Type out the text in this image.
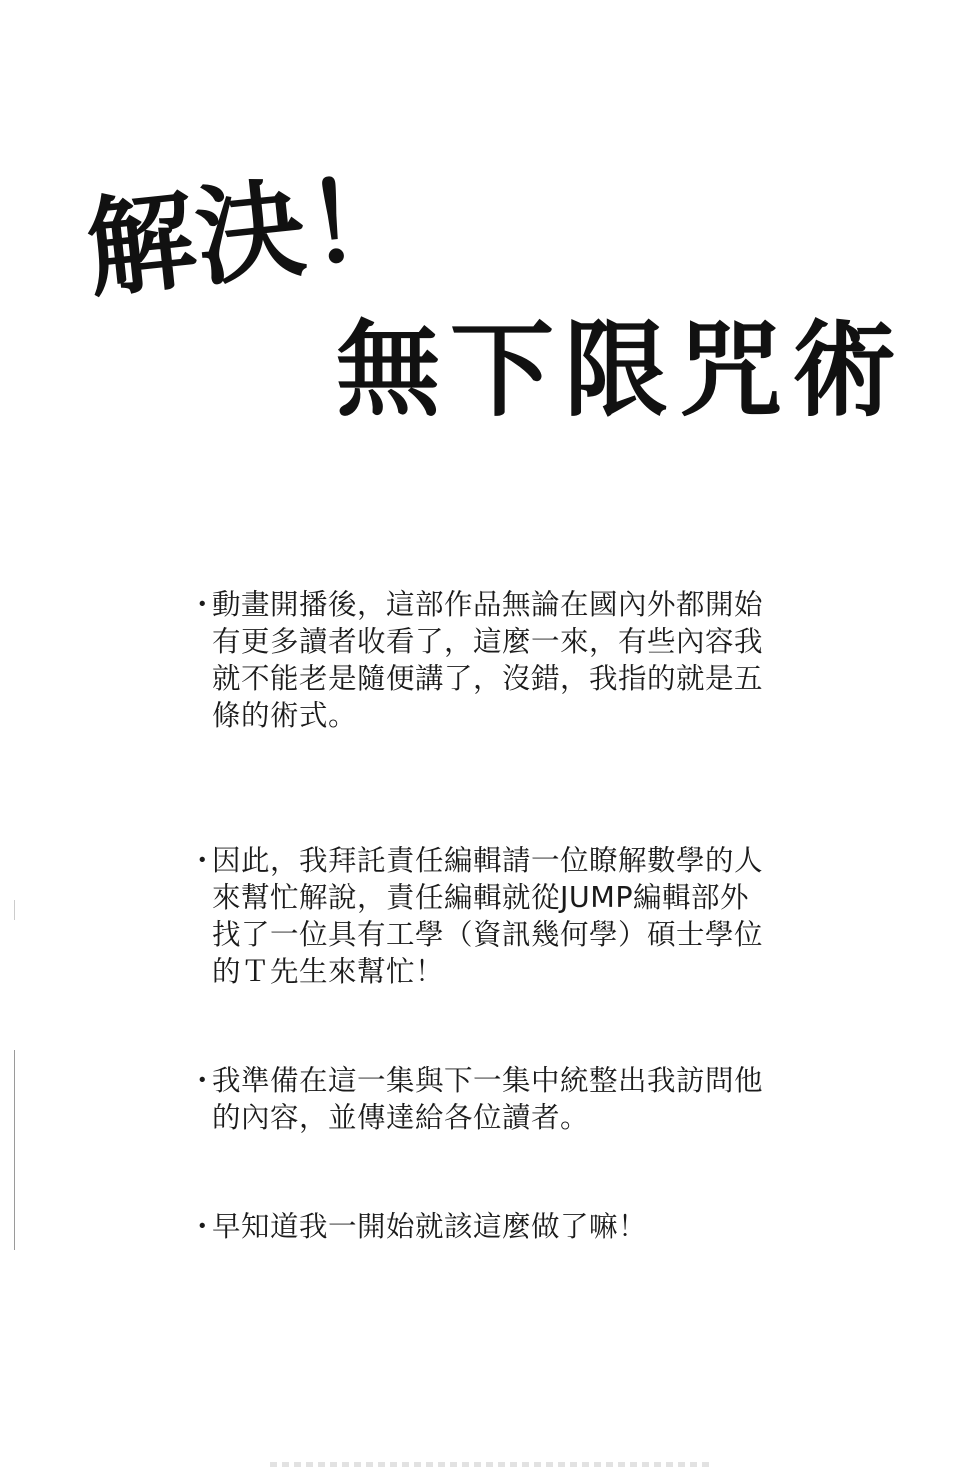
解決！
無下限咒術
・
動畫開播後，這部作品無論在國內外都開始有更多讀者收看了，這麼一來，有些內容我就不能老是隨便講了，沒錯，我指的就是五條的術式。
・
因此，我拜託責任編輯請一位瞭解數學的人來幫忙解說，責任編輯就從JUMP編輯部外找了一位具有工學（資訊幾何學）碩士學位的Ｔ先生來幫忙！
・
我準備在這一集與下一集中統整出我訪問他的內容，並傳達給各位讀者。
・
早知道我一開始就該這麼做了嘛！
